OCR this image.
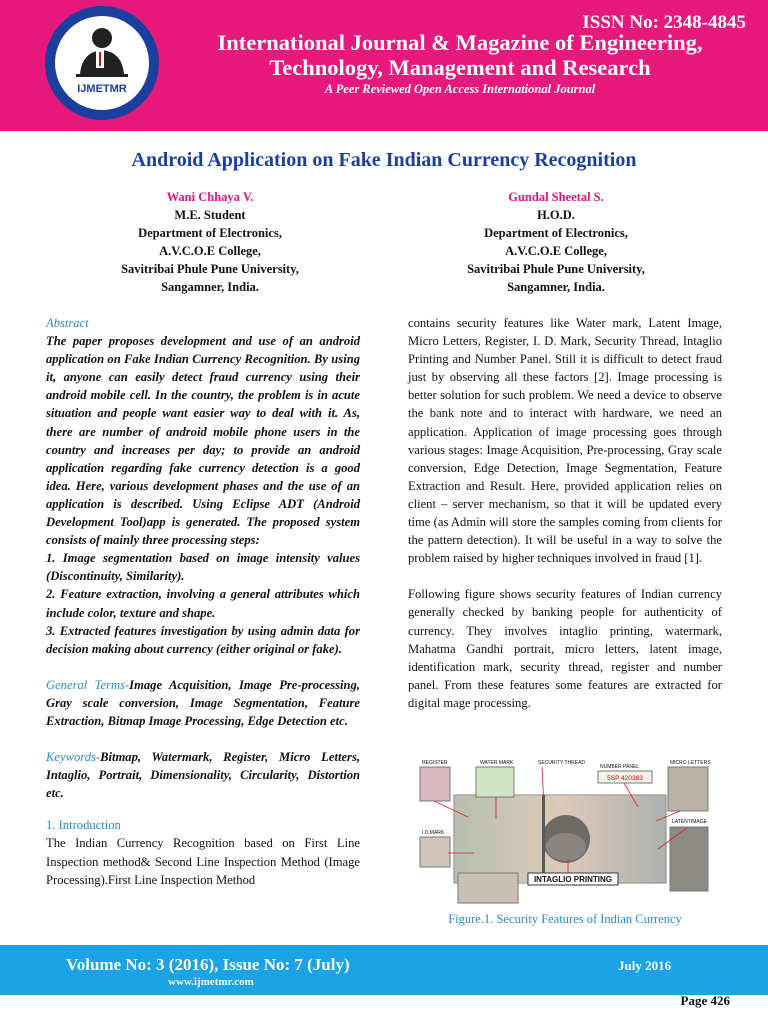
IJMETMR
ISSN No: 2348-4845
International Journal & Magazine of Engineering,
Technology, Management and Research
A Peer Reviewed Open Access International Journal
Android Application on Fake Indian Currency Recognition
Wani Chhaya V.
M.E. Student
Department of Electronics,
A.V.C.O.E College,
Savitribai Phule Pune University,
Sangamner, India.
Gundal Sheetal S.
H.O.D.
Department of Electronics,
A.V.C.O.E College,
Savitribai Phule Pune University,
Sangamner, India.

Abstract

The paper proposes development and use of an android application on Fake Indian Currency Recognition. By using it, anyone can easily detect fraud currency using their android mobile cell. In the country, the problem is in acute situation and people want easier way to deal with it. As, there are number of android mobile phone users in the country and increases per day; to provide an android application regarding fake currency detection is a good idea. Here, various development phases and the use of an application is described. Using Eclipse ADT (Android Development Tool)app is generated. The proposed system consists of mainly three processing steps:

1. Image segmentation based on image intensity values (Discontinuity, Similarity).

2. Feature extraction, involving a general attributes which include color, texture and shape.

3. Extracted features investigation by using admin data for decision making about currency (either original or fake).

General Terms-Image Acquisition, Image Pre-processing, Gray scale conversion, Image Segmentation, Feature Extraction, Bitmap Image Processing, Edge Detection etc.

Keywords-Bitmap, Watermark, Register, Micro Letters, Intaglio, Portrait, Dimensionality, Circularity, Distortion etc.

1. Introduction

The Indian Currency Recognition based on First Line Inspection method& Second Line Inspection Method (Image Processing).First Line Inspection Method

contains security features like Water mark, Latent Image, Micro Letters, Register, I. D. Mark, Security Thread, Intaglio Printing and Number Panel. Still it is difficult to detect fraud just by observing all these factors [2]. Image processing is better solution for such problem. We need a device to observe the bank note and to interact with hardware, we need an application. Application of image processing goes through various stages: Image Acquisition, Pre-processing, Gray scale conversion, Edge Detection, Image Segmentation, Feature Extraction and Result. Here, provided application relies on client – server mechanism, so that it will be updated every time (as Admin will store the samples coming from clients for the pattern detection). It will be useful in a way to solve the problem raised by higher techniques involved in fraud [1].

Following figure shows security features of Indian currency generally checked by banking people for authenticity of currency. They involves intaglio printing, watermark, Mahatma Gandhi portrait, micro letters, latent image, identification mark, security thread, register and number panel. From these features some features are extracted for digital mage processing.

REGISTER	WATER MARK	SECURITY THREAD
NUMBER PANEL
MICRO LETTERS
I.D.MARK
LATENTIMAGE
INTAGLIO PRINTING
5SP 420383
Figure.1. Security Features of Indian Currency
Volume No: 3 (2016), Issue No: 7 (July)
www.ijmetmr.com
July 2016
Page 426
